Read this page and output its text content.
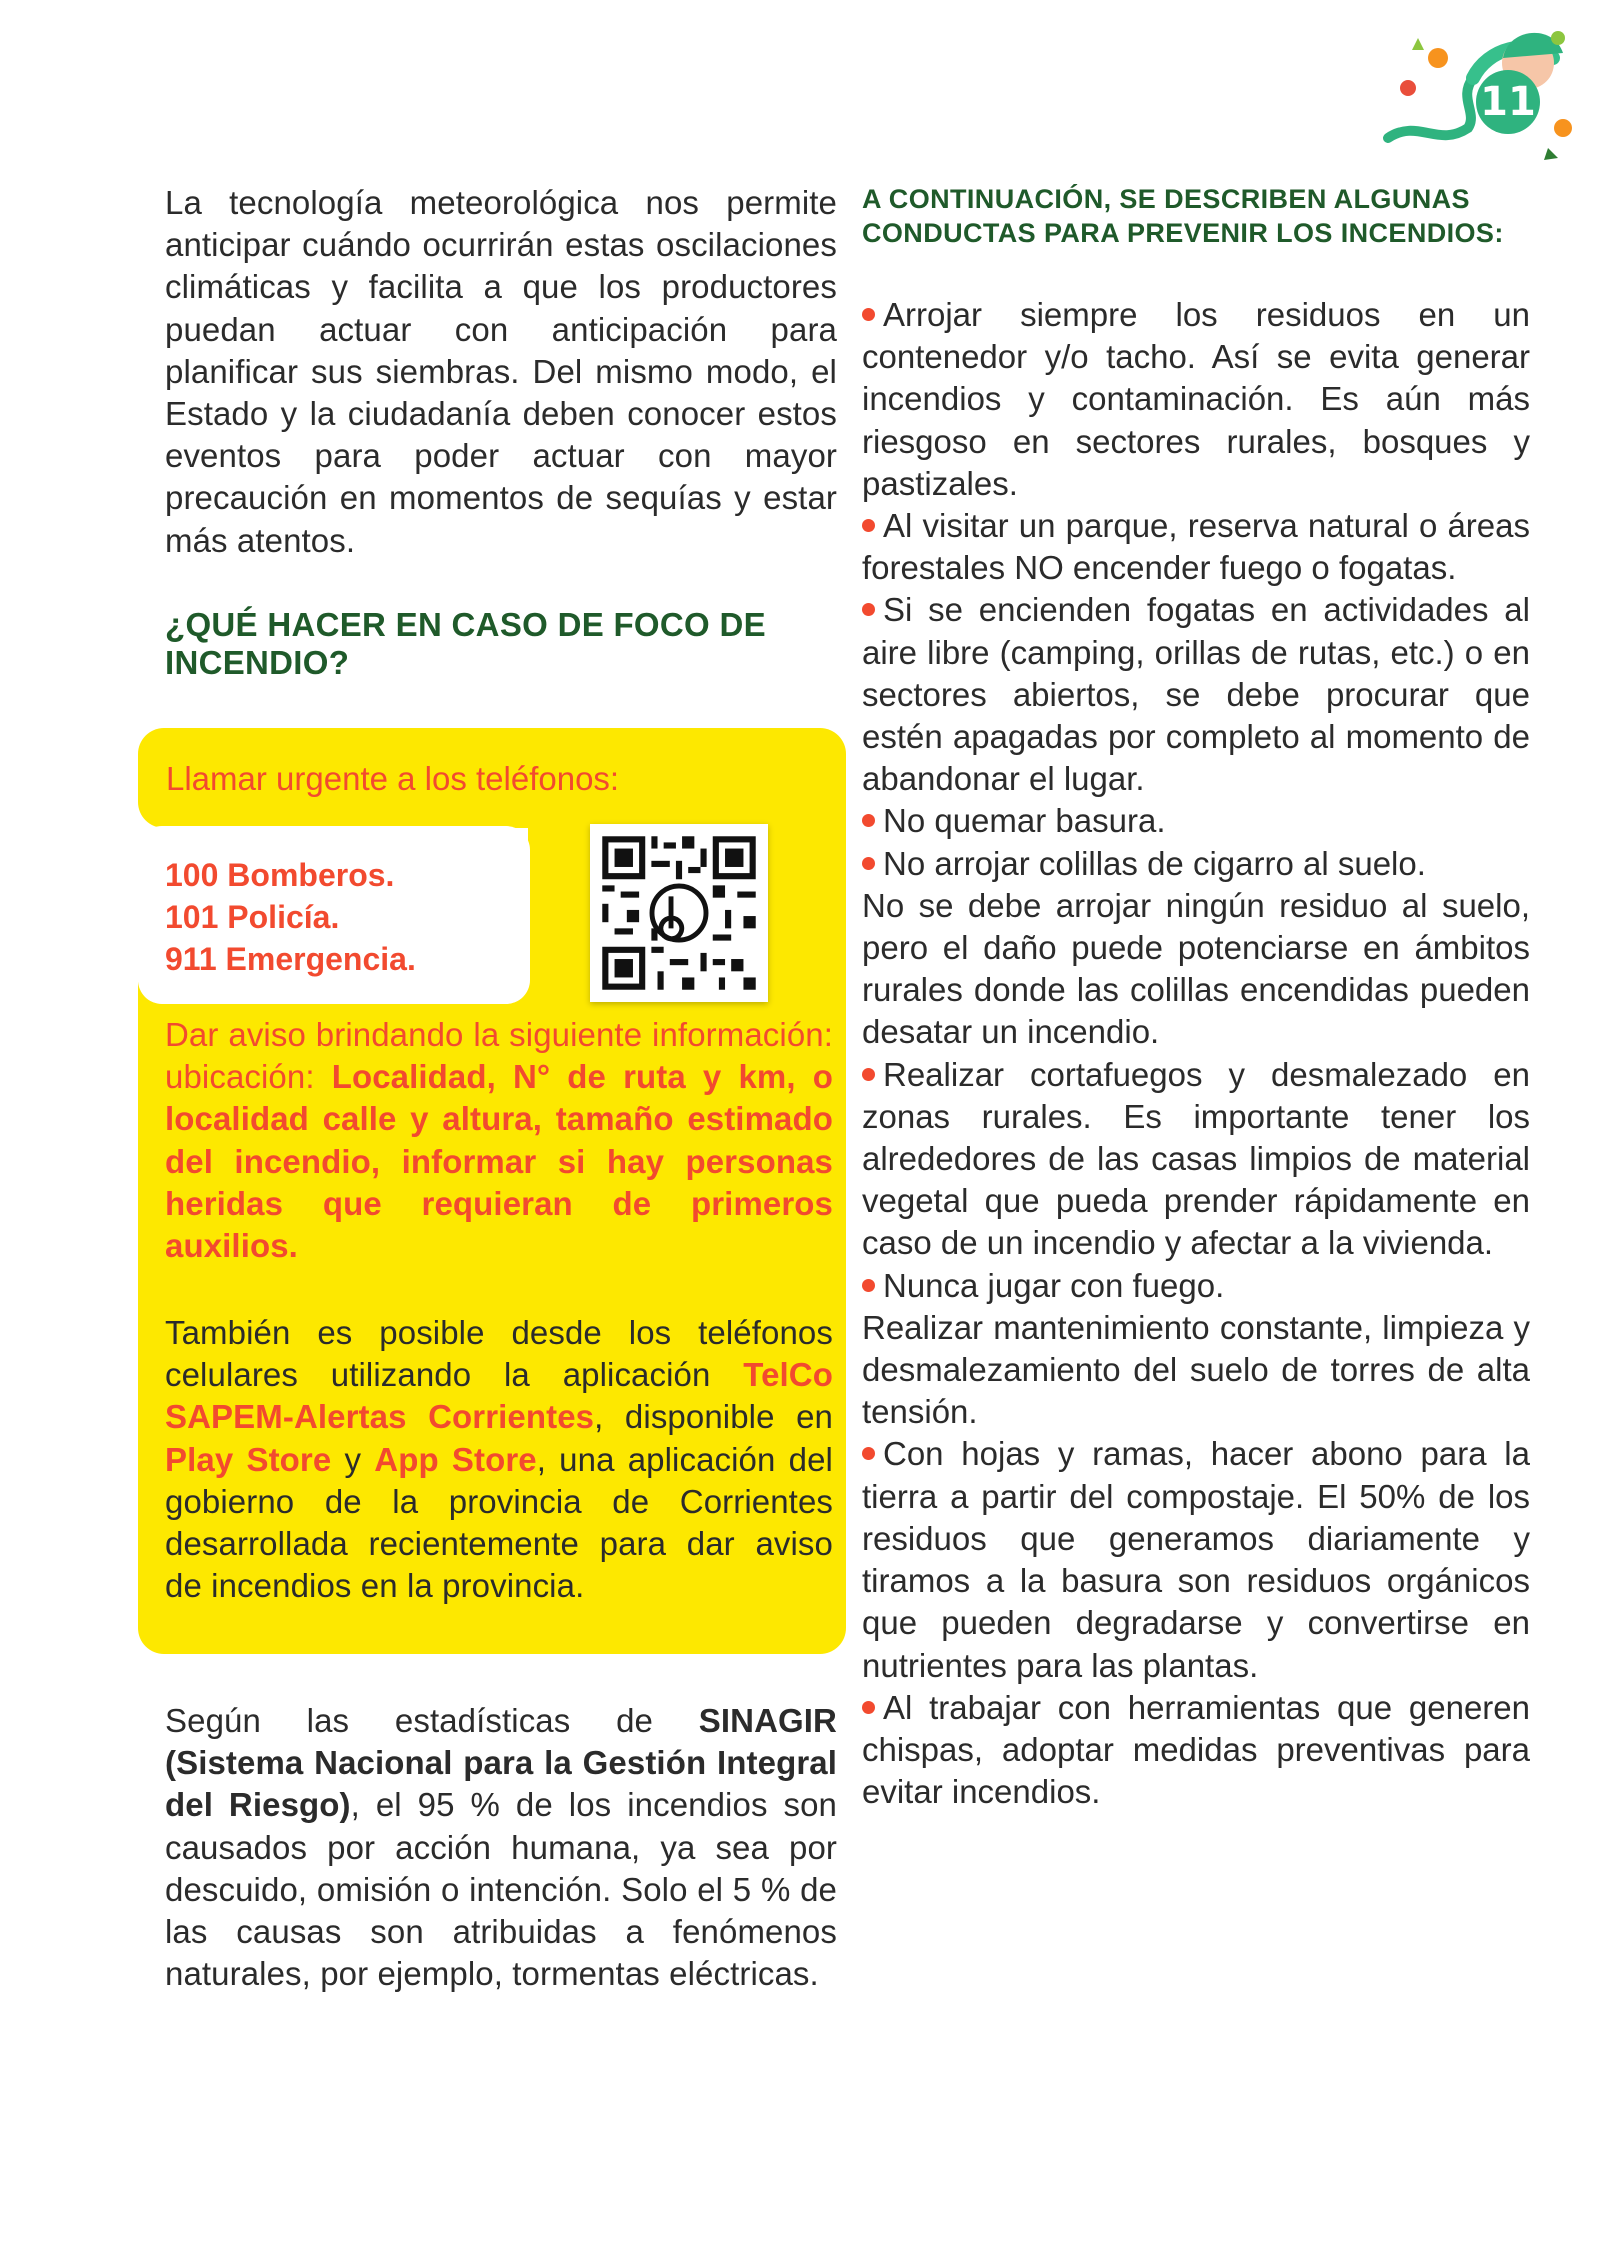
11

La tecnología meteorológica nos permite anticipar cuándo ocurrirán estas oscilaciones climáticas y facilita a que los productores puedan actuar con anticipación para planificar sus siembras. Del mismo modo, el Estado y la ciudadanía deben conocer estos eventos para poder actuar con mayor precaución en momentos de sequías y estar más atentos.

¿QUÉ HACER EN CASO DE FOCO DE INCENDIO?

Llamar urgente a los teléfonos:

100 Bomberos.
101 Policía.
911 Emergencia.

Dar aviso brindando la siguiente información: ubicación: Localidad, N° de ruta y km, o localidad calle y altura, tamaño estimado del incendio, informar si hay personas heridas que requieran de primeros auxilios.

También es posible desde los teléfonos celulares utilizando la aplicación TelCo SAPEM-Alertas Corrientes, disponible en Play Store y App Store, una aplicación del gobierno de la provincia de Corrientes desarrollada recientemente para dar aviso de incendios en la provincia.

Según las estadísticas de SINAGIR (Sistema Nacional para la Gestión Integral del Riesgo), el 95 % de los incendios son causados por acción humana, ya sea por descuido, omisión o intención. Solo el 5 % de las causas son atribuidas a fenómenos naturales, por ejemplo, tormentas eléctricas.

A CONTINUACIÓN, SE DESCRIBEN ALGUNAS CONDUCTAS PARA PREVENIR LOS INCENDIOS:

Arrojar siempre los residuos en un contenedor y/o tacho. Así se evita generar incendios y contaminación. Es aún más riesgoso en sectores rurales, bosques y pastizales.

Al visitar un parque, reserva natural o áreas forestales NO encender fuego o fogatas.

Si se encienden fogatas en actividades al aire libre (camping, orillas de rutas, etc.) o en sectores abiertos, se debe procurar que estén apagadas por completo al momento de abandonar el lugar.

No quemar basura.

No arrojar colillas de cigarro al suelo.

No se debe arrojar ningún residuo al suelo, pero el daño puede potenciarse en ámbitos rurales donde las colillas encendidas pueden desatar un incendio.

Realizar cortafuegos y desmalezado en zonas rurales. Es importante tener los alrededores de las casas limpios de material vegetal que pueda prender rápidamente en caso de un incendio y afectar a la vivienda.

Nunca jugar con fuego.

Realizar mantenimiento constante, limpieza y desmalezamiento del suelo de torres de alta tensión.

Con hojas y ramas, hacer abono para la tierra a partir del compostaje. El 50% de los residuos que generamos diariamente y tiramos a la basura son residuos orgánicos que pueden degradarse y convertirse en nutrientes para las plantas.

Al trabajar con herramientas que generen chispas, adoptar medidas preventivas para evitar incendios.
